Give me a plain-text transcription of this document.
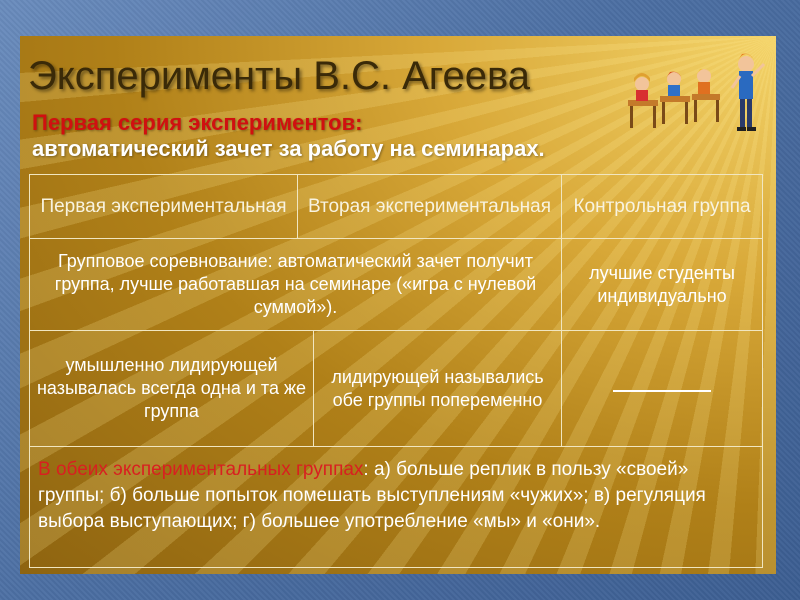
Эксперименты В.С. Агеева
Первая серия экспериментов:
автоматический зачет за работу на семинарах.
Первая экспериментальная	Вторая экспериментальная	Контрольная группа
Групповое соревнование: автоматический зачет получит группа, лучше работавшая на семинаре («игра с нулевой суммой»).
лучшие студенты индивидуально
умышленно лидирующей называлась всегда одна и та же группа
лидирующей назывались обе группы попеременно
В обеих экспериментальных группах: а) больше реплик в пользу «своей» группы; б) больше попыток помешать выступлениям «чужих»; в) регуляция выбора выступающих; г) большее употребление «мы» и «они».
